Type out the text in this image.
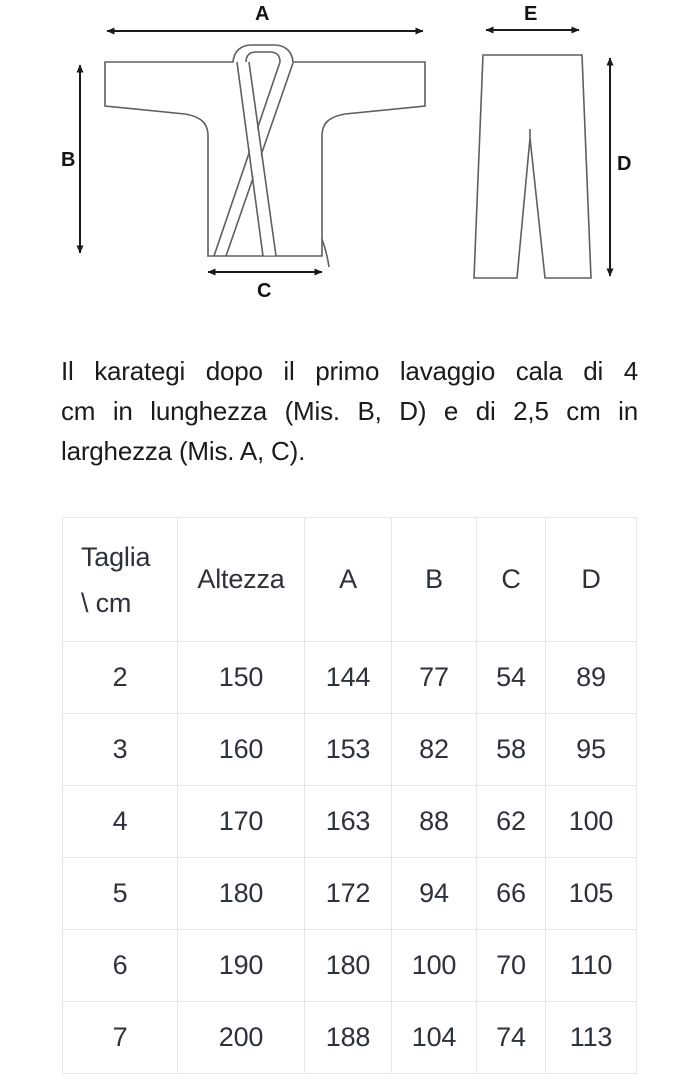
A
B
C
E
D
Il karategi dopo il primo lavaggio cala di 4
cm in lunghezza (Mis. B, D) e di 2,5 cm in
larghezza (Mis. A, C).
Taglia
\ cm	Altezza	A	B	C	D
2	150	144	77	54	89
3	160	153	82	58	95
4	170	163	88	62	100
5	180	172	94	66	105
6	190	180	100	70	110
7	200	188	104	74	113
